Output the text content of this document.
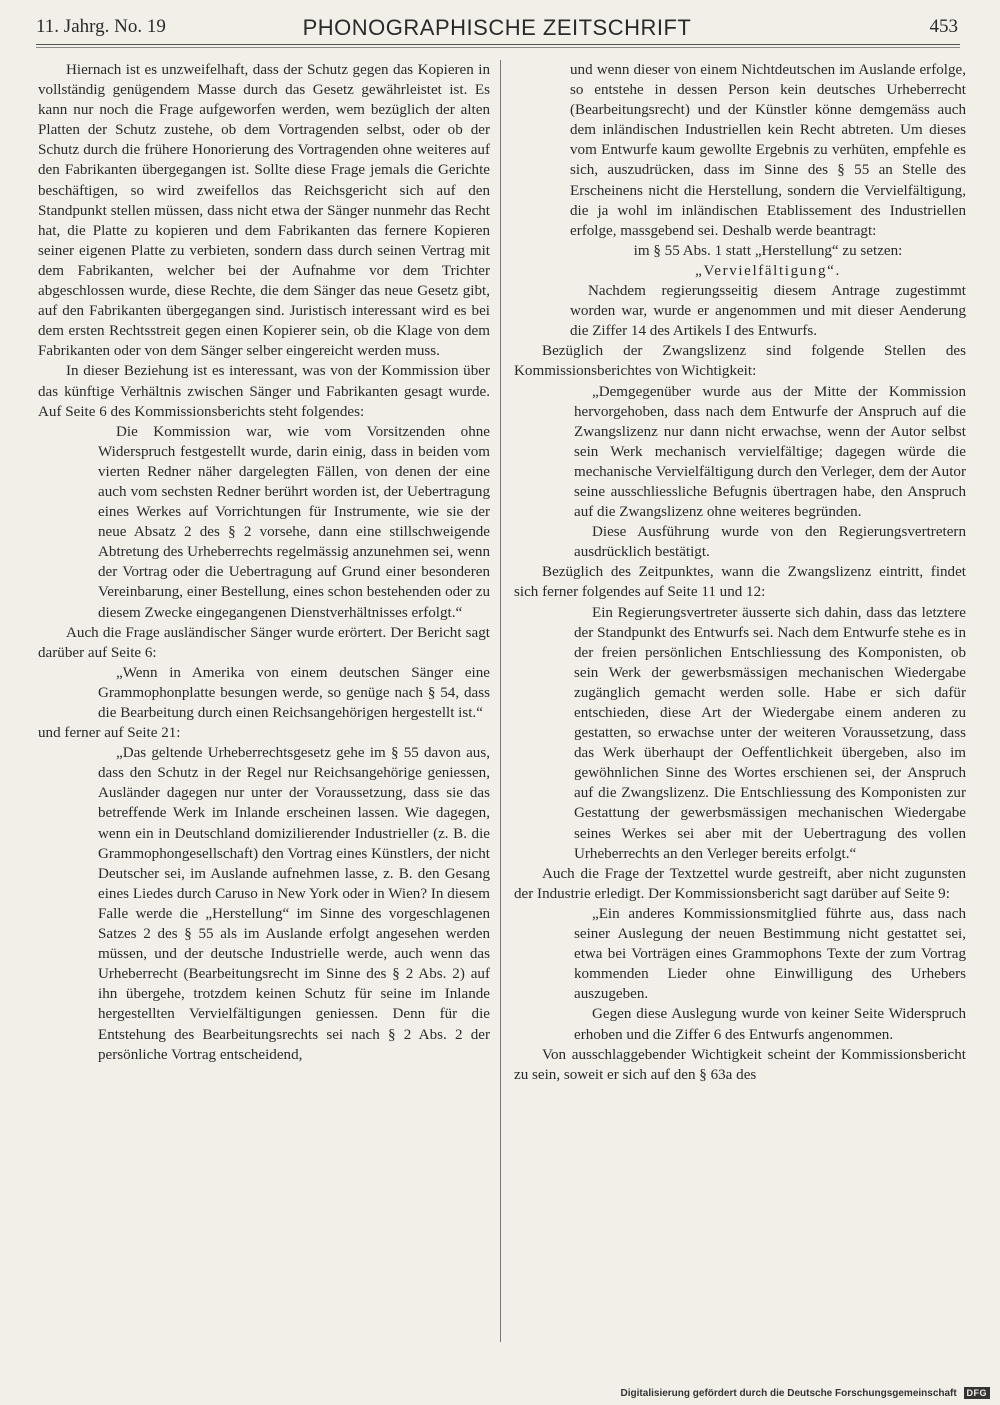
11. Jahrg. No. 19	PHONOGRAPHISCHE ZEITSCHRIFT	453

Hiernach ist es unzweifelhaft, dass der Schutz gegen das Kopieren in vollständig genügendem Masse durch das Gesetz gewährleistet ist. Es kann nur noch die Frage aufgeworfen werden, wem bezüglich der alten Platten der Schutz zustehe, ob dem Vortragenden selbst, oder ob der Schutz durch die frühere Honorierung des Vortragenden ohne weiteres auf den Fabrikanten übergegangen ist. Sollte diese Frage jemals die Gerichte beschäftigen, so wird zweifellos das Reichsgericht sich auf den Standpunkt stellen müssen, dass nicht etwa der Sänger nunmehr das Recht hat, die Platte zu kopieren und dem Fabrikanten das fernere Kopieren seiner eigenen Platte zu verbieten, sondern dass durch seinen Vertrag mit dem Fabrikanten, welcher bei der Aufnahme vor dem Trichter abgeschlossen wurde, diese Rechte, die dem Sänger das neue Gesetz gibt, auf den Fabrikanten übergegangen sind. Juristisch interessant wird es bei dem ersten Rechtsstreit gegen einen Kopierer sein, ob die Klage von dem Fabrikanten oder von dem Sänger selber eingereicht werden muss.

In dieser Beziehung ist es interessant, was von der Kommission über das künftige Verhältnis zwischen Sänger und Fabrikanten gesagt wurde. Auf Seite 6 des Kommissionsberichts steht folgendes:

Die Kommission war, wie vom Vorsitzenden ohne Widerspruch festgestellt wurde, darin einig, dass in beiden vom vierten Redner näher dargelegten Fällen, von denen der eine auch vom sechsten Redner berührt worden ist, der Uebertragung eines Werkes auf Vorrichtungen für Instrumente, wie sie der neue Absatz 2 des § 2 vorsehe, dann eine stillschweigende Abtretung des Urheberrechts regelmässig anzunehmen sei, wenn der Vortrag oder die Uebertragung auf Grund einer besonderen Vereinbarung, einer Bestellung, eines schon bestehenden oder zu diesem Zwecke eingegangenen Dienstverhältnisses erfolgt.“

Auch die Frage ausländischer Sänger wurde erörtert. Der Bericht sagt darüber auf Seite 6:

„Wenn in Amerika von einem deutschen Sänger eine Grammophonplatte besungen werde, so genüge nach § 54, dass die Bearbeitung durch einen Reichsangehörigen hergestellt ist.“

und ferner auf Seite 21:

„Das geltende Urheberrechtsgesetz gehe im § 55 davon aus, dass den Schutz in der Regel nur Reichsangehörige geniessen, Ausländer dagegen nur unter der Voraussetzung, dass sie das betreffende Werk im Inlande erscheinen lassen. Wie dagegen, wenn ein in Deutschland domizilierender Industrieller (z. B. die Grammophongesellschaft) den Vortrag eines Künstlers, der nicht Deutscher sei, im Auslande aufnehmen lasse, z. B. den Gesang eines Liedes durch Caruso in New York oder in Wien? In diesem Falle werde die „Herstellung“ im Sinne des vorgeschlagenen Satzes 2 des § 55 als im Auslande erfolgt angesehen werden müssen, und der deutsche Industrielle werde, auch wenn das Urheberrecht (Bearbeitungsrecht im Sinne des § 2 Abs. 2) auf ihn übergehe, trotzdem keinen Schutz für seine im Inlande hergestellten Vervielfältigungen geniessen. Denn für die Entstehung des Bearbeitungsrechts sei nach § 2 Abs. 2 der persönliche Vortrag entscheidend,

und wenn dieser von einem Nichtdeutschen im Auslande erfolge, so entstehe in dessen Person kein deutsches Urheberrecht (Bearbeitungsrecht) und der Künstler könne demgemäss auch dem inländischen Industriellen kein Recht abtreten. Um dieses vom Entwurfe kaum gewollte Ergebnis zu verhüten, empfehle es sich, auszudrücken, dass im Sinne des § 55 an Stelle des Erscheinens nicht die Herstellung, sondern die Vervielfältigung, die ja wohl im inländischen Etablissement des Industriellen erfolge, massgebend sei. Deshalb werde beantragt:

im § 55 Abs. 1 statt „Herstellung“ zu setzen:

„Vervielfältigung“.

Nachdem regierungsseitig diesem Antrage zugestimmt worden war, wurde er angenommen und mit dieser Aenderung die Ziffer 14 des Artikels I des Entwurfs.

Bezüglich der Zwangslizenz sind folgende Stellen des Kommissionsberichtes von Wichtigkeit:

„Demgegenüber wurde aus der Mitte der Kommission hervorgehoben, dass nach dem Entwurfe der Anspruch auf die Zwangslizenz nur dann nicht erwachse, wenn der Autor selbst sein Werk mechanisch vervielfältige; dagegen würde die mechanische Vervielfältigung durch den Verleger, dem der Autor seine ausschliessliche Befugnis übertragen habe, den Anspruch auf die Zwangslizenz ohne weiteres begründen.

Diese Ausführung wurde von den Regierungsvertretern ausdrücklich bestätigt.

Bezüglich des Zeitpunktes, wann die Zwangslizenz eintritt, findet sich ferner folgendes auf Seite 11 und 12:

Ein Regierungsvertreter äusserte sich dahin, dass das letztere der Standpunkt des Entwurfs sei. Nach dem Entwurfe stehe es in der freien persönlichen Entschliessung des Komponisten, ob sein Werk der gewerbsmässigen mechanischen Wiedergabe zugänglich gemacht werden solle. Habe er sich dafür entschieden, diese Art der Wiedergabe einem anderen zu gestatten, so erwachse unter der weiteren Voraussetzung, dass das Werk überhaupt der Oeffentlichkeit übergeben, also im gewöhnlichen Sinne des Wortes erschienen sei, der Anspruch auf die Zwangslizenz. Die Entschliessung des Komponisten zur Gestattung der gewerbsmässigen mechanischen Wiedergabe seines Werkes sei aber mit der Uebertragung des vollen Urheberrechts an den Verleger bereits erfolgt.“

Auch die Frage der Textzettel wurde gestreift, aber nicht zugunsten der Industrie erledigt. Der Kommissionsbericht sagt darüber auf Seite 9:

„Ein anderes Kommissionsmitglied führte aus, dass nach seiner Auslegung der neuen Bestimmung nicht gestattet sei, etwa bei Vorträgen eines Grammophons Texte der zum Vortrag kommenden Lieder ohne Einwilligung des Urhebers auszugeben.

Gegen diese Auslegung wurde von keiner Seite Widerspruch erhoben und die Ziffer 6 des Entwurfs angenommen.

Von ausschlaggebender Wichtigkeit scheint der Kommissionsbericht zu sein, soweit er sich auf den § 63a des

Digitalisierung gefördert durch die Deutsche Forschungsgemeinschaft DFG
